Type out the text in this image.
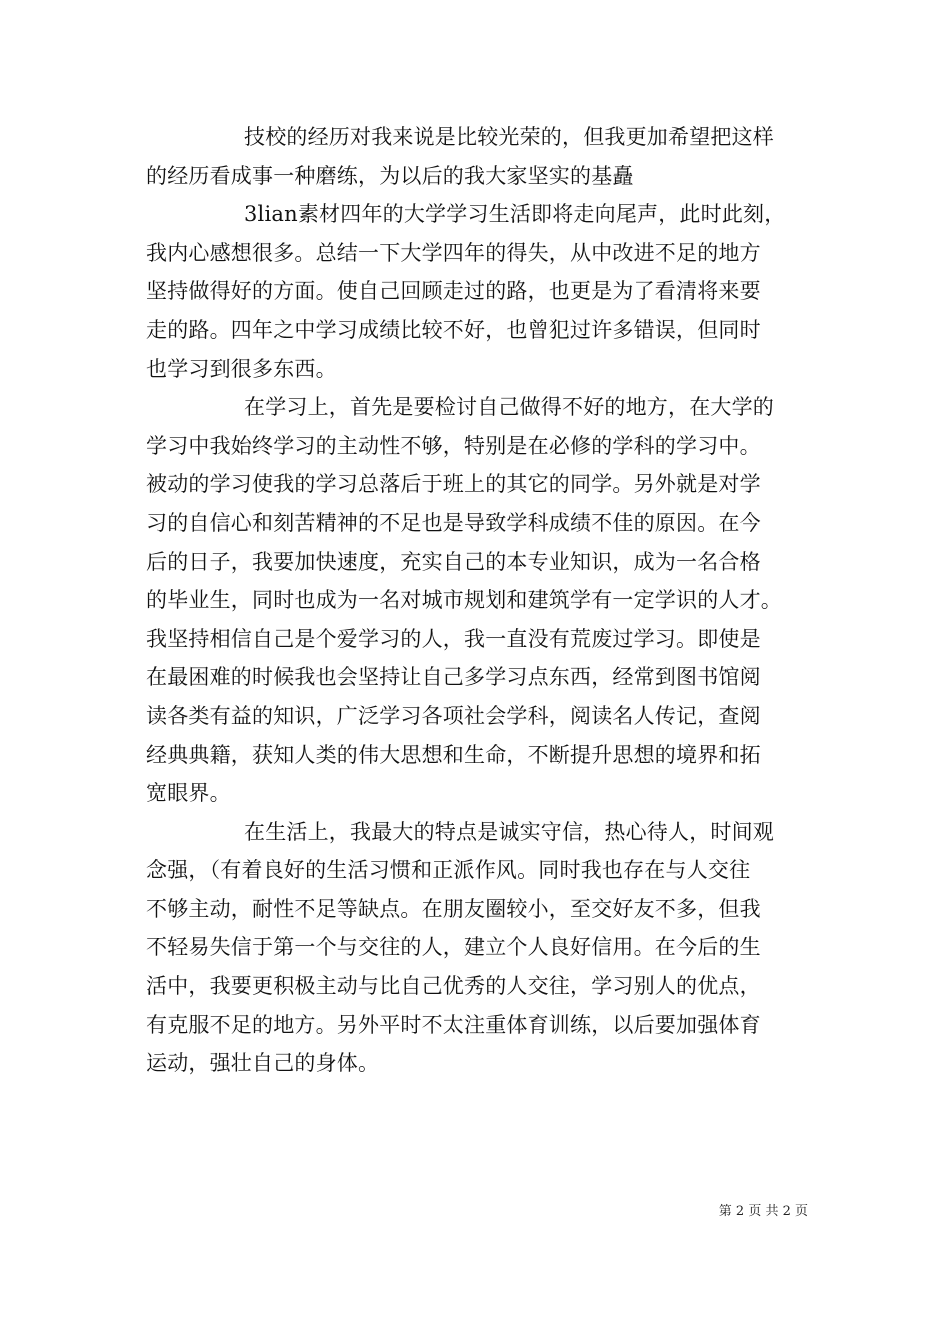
技校的经历对我来说是比较光荣的，但我更加希望把这样
的经历看成事一种磨练，为以后的我大家坚实的基矗
3lian素材四年的大学学习生活即将走向尾声，此时此刻，
我内心感想很多。总结一下大学四年的得失，从中改进不足的地方
坚持做得好的方面。使自己回顾走过的路，也更是为了看清将来要
走的路。四年之中学习成绩比较不好，也曾犯过许多错误，但同时
也学习到很多东西。
在学习上，首先是要检讨自己做得不好的地方，在大学的
学习中我始终学习的主动性不够，特别是在必修的学科的学习中。
被动的学习使我的学习总落后于班上的其它的同学。另外就是对学
习的自信心和刻苦精神的不足也是导致学科成绩不佳的原因。在今
后的日子，我要加快速度，充实自己的本专业知识，成为一名合格
的毕业生，同时也成为一名对城市规划和建筑学有一定学识的人才。
我坚持相信自己是个爱学习的人，我一直没有荒废过学习。即使是
在最困难的时候我也会坚持让自己多学习点东西，经常到图书馆阅
读各类有益的知识，广泛学习各项社会学科，阅读名人传记，查阅
经典典籍，获知人类的伟大思想和生命，不断提升思想的境界和拓
宽眼界。
在生活上，我最大的特点是诚实守信，热心待人，时间观
念强，（有着良好的生活习惯和正派作风。同时我也存在与人交往
不够主动，耐性不足等缺点。在朋友圈较小，至交好友不多，但我
不轻易失信于第一个与交往的人，建立个人良好信用。在今后的生
活中，我要更积极主动与比自己优秀的人交往，学习别人的优点，
有克服不足的地方。另外平时不太注重体育训练，以后要加强体育
运动，强壮自己的身体。
第 2 页 共 2 页
